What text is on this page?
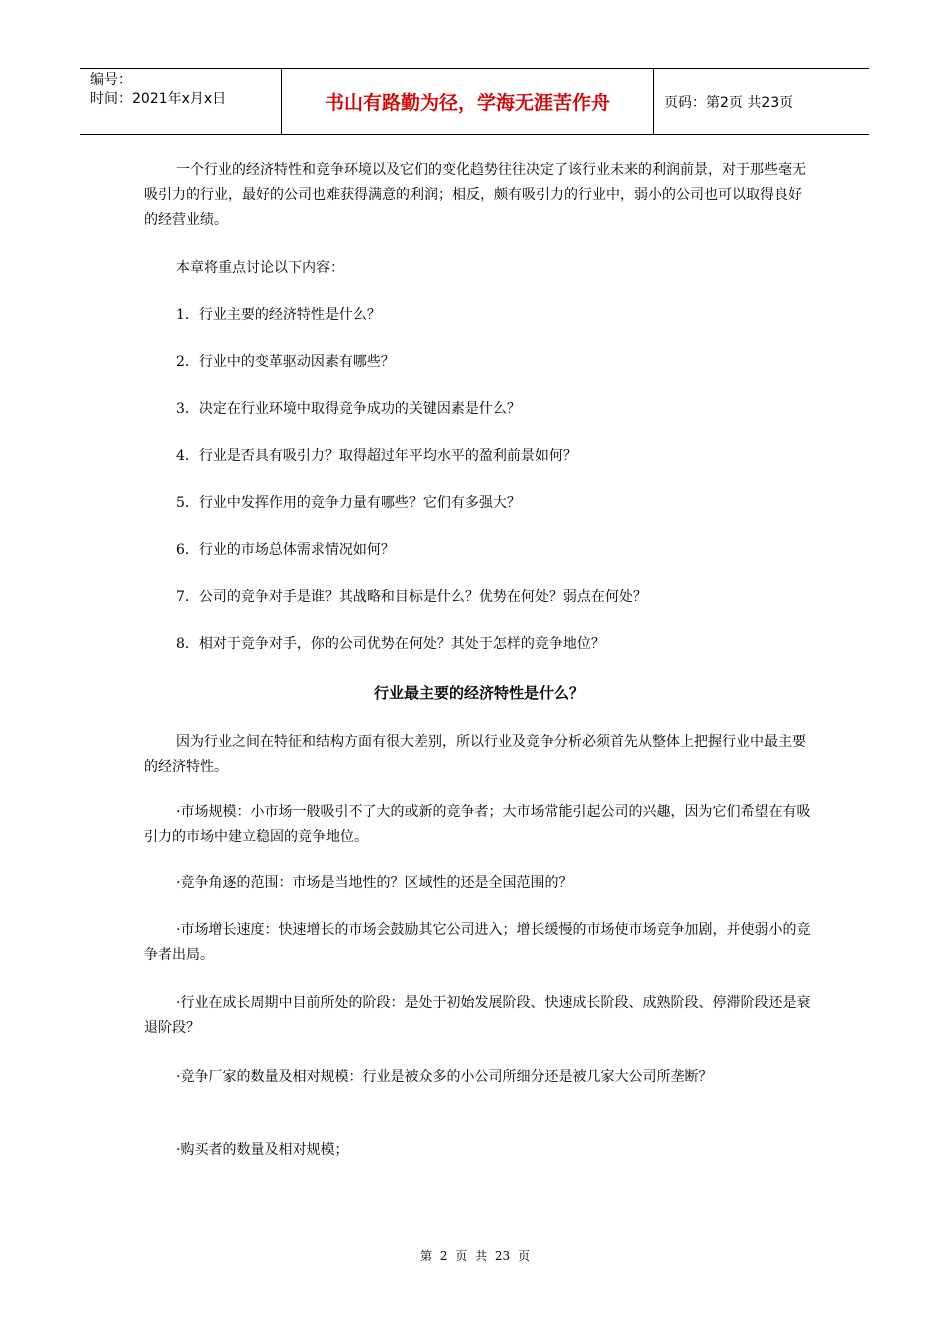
编号：
时间：2021年x月x日	书山有路勤为径，学海无涯苦作舟	页码：第2页 共23页

一个行业的经济特性和竞争环境以及它们的变化趋势往往决定了该行业未来的利润前景，对于那些毫无吸引力的行业，最好的公司也难获得满意的利润；相反，颇有吸引力的行业中，弱小的公司也可以取得良好的经营业绩。

本章将重点讨论以下内容：

1．行业主要的经济特性是什么？

2．行业中的变革驱动因素有哪些？

3．决定在行业环境中取得竞争成功的关键因素是什么？

4．行业是否具有吸引力？取得超过年平均水平的盈利前景如何？

5．行业中发挥作用的竞争力量有哪些？它们有多强大？

6．行业的市场总体需求情况如何？

7．公司的竞争对手是谁？其战略和目标是什么？优势在何处？弱点在何处？

8．相对于竞争对手，你的公司优势在何处？其处于怎样的竞争地位？

行业最主要的经济特性是什么？

因为行业之间在特征和结构方面有很大差别，所以行业及竞争分析必须首先从整体上把握行业中最主要的经济特性。

·市场规模：小市场一般吸引不了大的或新的竞争者；大市场常能引起公司的兴趣，因为它们希望在有吸引力的市场中建立稳固的竞争地位。

·竞争角逐的范围：市场是当地性的？区域性的还是全国范围的？

·市场增长速度：快速增长的市场会鼓励其它公司进入；增长缓慢的市场使市场竞争加剧，并使弱小的竞争者出局。

·行业在成长周期中目前所处的阶段：是处于初始发展阶段、快速成长阶段、成熟阶段、停滞阶段还是衰退阶段？

·竞争厂家的数量及相对规模：行业是被众多的小公司所细分还是被几家大公司所垄断？

·购买者的数量及相对规模；

第 2 页 共 23 页
